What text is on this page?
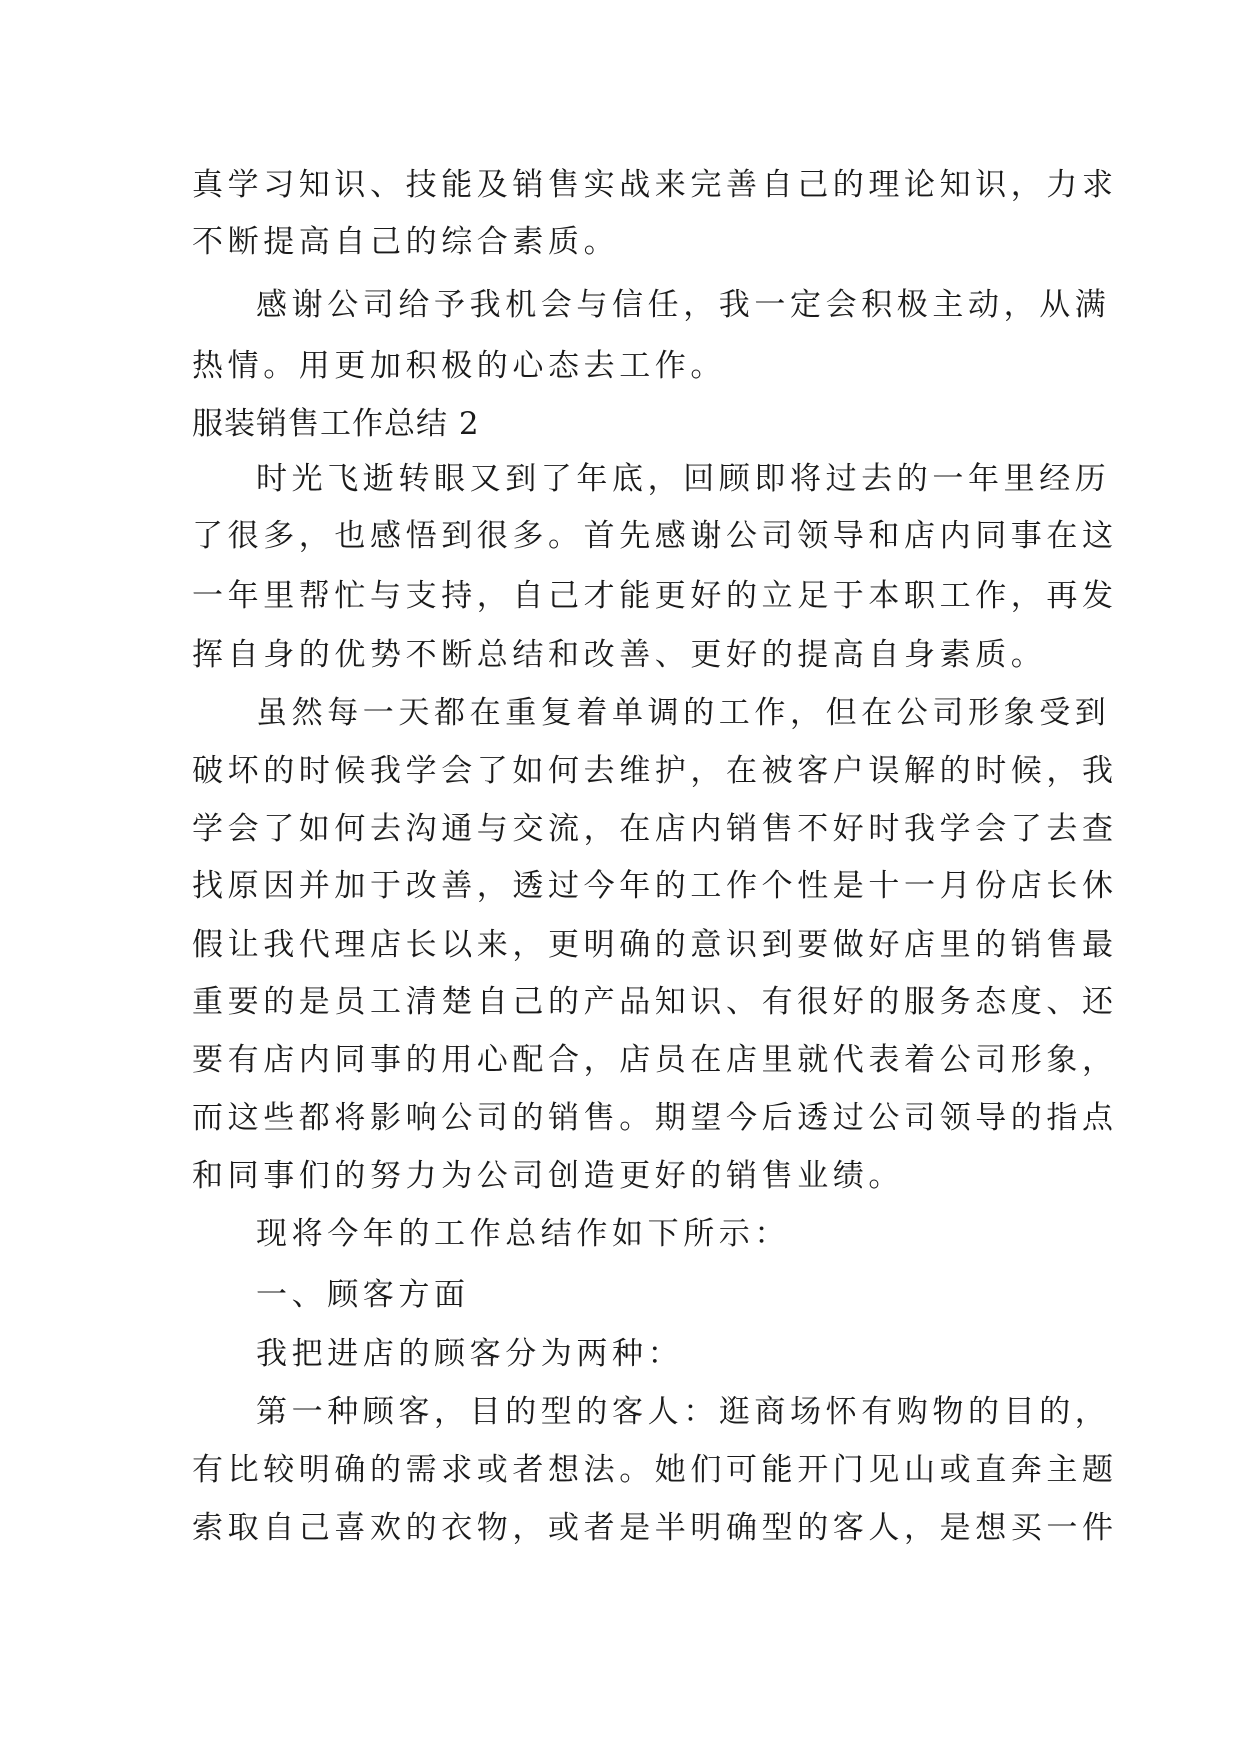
真学习知识、技能及销售实战来完善自己的理论知识，力求
不断提高自己的综合素质。
感谢公司给予我机会与信任，我一定会积极主动，从满
热情。用更加积极的心态去工作。
服装销售工作总结 2
时光飞逝转眼又到了年底，回顾即将过去的一年里经历
了很多，也感悟到很多。首先感谢公司领导和店内同事在这
一年里帮忙与支持，自己才能更好的立足于本职工作，再发
挥自身的优势不断总结和改善、更好的提高自身素质。
虽然每一天都在重复着单调的工作，但在公司形象受到
破坏的时候我学会了如何去维护，在被客户误解的时候，我
学会了如何去沟通与交流，在店内销售不好时我学会了去查
找原因并加于改善，透过今年的工作个性是十一月份店长休
假让我代理店长以来，更明确的意识到要做好店里的销售最
重要的是员工清楚自己的产品知识、有很好的服务态度、还
要有店内同事的用心配合，店员在店里就代表着公司形象，
而这些都将影响公司的销售。期望今后透过公司领导的指点
和同事们的努力为公司创造更好的销售业绩。
现将今年的工作总结作如下所示：
一、顾客方面
我把进店的顾客分为两种：
第一种顾客，目的型的客人：逛商场怀有购物的目的，
有比较明确的需求或者想法。她们可能开门见山或直奔主题
索取自己喜欢的衣物，或者是半明确型的客人，是想买一件
